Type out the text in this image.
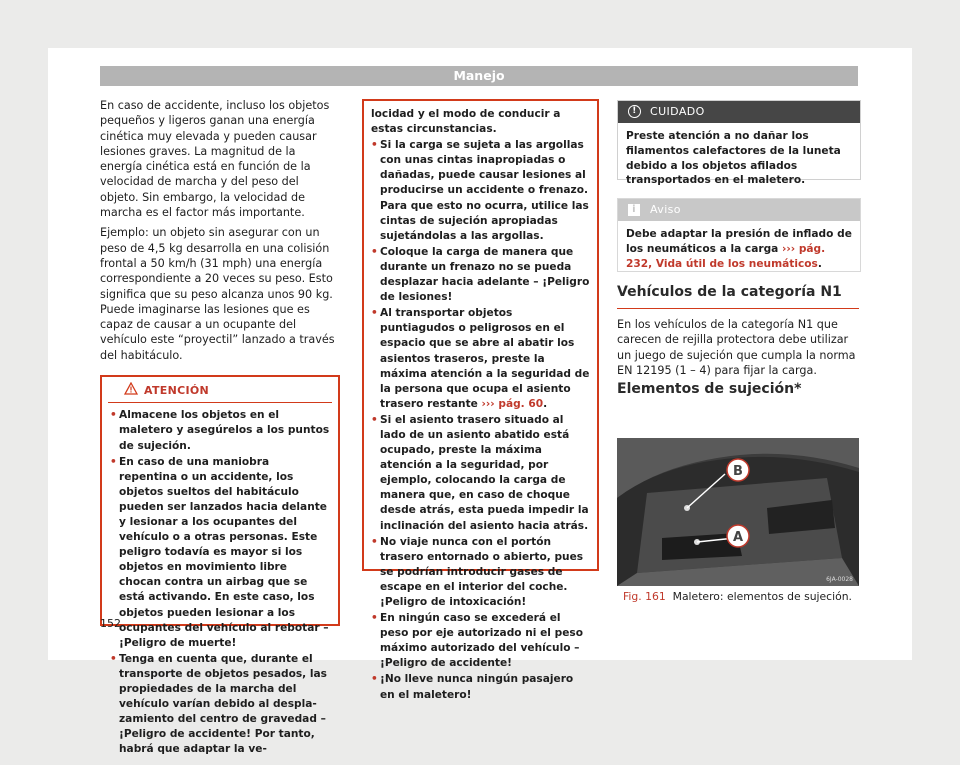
Manejo

En caso de accidente, incluso los objetos pequeños y ligeros ganan una energía cinética muy elevada y pueden causar lesiones graves. La magnitud de la energía cinética está en función de la velocidad de marcha y del peso del objeto. Sin embargo, la velocidad de marcha es el factor más importante.

Ejemplo: un objeto sin asegurar con un peso de 4,5 kg desarrolla en una colisión frontal a 50 km/h (31 mph) una energía correspondiente a 20 veces su peso. Esto significa que su peso alcanza unos 90 kg. Puede imaginarse las lesiones que es capaz de causar a un ocupante del vehículo este “proyectil” lanzado a través del habitáculo.

ATENCIÓN
• Almacene los objetos en el maletero y asegúrelos a los puntos de sujeción.
• En caso de una maniobra repentina o un accidente, los objetos sueltos del habitáculo pueden ser lanzados hacia delante y lesionar a los ocupantes del vehículo o a otras personas. Este peligro todavía es mayor si los objetos en movimiento libre chocan contra un airbag que se está activando. En este caso, los objetos pueden lesionar a los ocupantes del vehículo al rebotar – ¡Peligro de muerte!
• Tenga en cuenta que, durante el transporte de objetos pesados, las propiedades de la marcha del vehículo varían debido al desplazamiento del centro de gravedad – ¡Peligro de accidente! Por tanto, habrá que adaptar la ve-
locidad y el modo de conducir a estas circunstancias.
• Si la carga se sujeta a las argollas con unas cintas inapropiadas o dañadas, puede causar lesiones al producirse un accidente o frenazo. Para que esto no ocurra, utilice las cintas de sujeción apropiadas sujetándolas a las argollas.
• Coloque la carga de manera que durante un frenazo no se pueda desplazar hacia adelante – ¡Peligro de lesiones!
• Al transportar objetos puntiagudos o peligrosos en el espacio que se abre al abatir los asientos traseros, preste la máxima atención a la seguridad de la persona que ocupa el asiento trasero restante ››› pág. 60.
• Si el asiento trasero situado al lado de un asiento abatido está ocupado, preste la máxima atención a la seguridad, por ejemplo, colocando la carga de manera que, en caso de choque desde atrás, esta pueda impedir la inclinación del asiento hacia atrás.
• No viaje nunca con el portón trasero entornado o abierto, pues se podrían introducir gases de escape en el interior del coche. ¡Peligro de intoxicación!
• En ningún caso se excederá el peso por eje autorizado ni el peso máximo autorizado del vehículo – ¡Peligro de accidente!
• ¡No lleve nunca ningún pasajero en el maletero!
!	CUIDADO
Preste atención a no dañar los filamentos calefactores de la luneta debido a los objetos afilados transportados en el maletero.
i
Aviso
Debe adaptar la presión de inflado de los neumáticos a la carga ››› pág. 232, Vida útil de los neumáticos.
Vehículos de la categoría N1
En los vehículos de la categoría N1 que carecen de rejilla protectora debe utilizar un juego de sujeción que cumpla la norma EN 12195 (1 – 4) para fijar la carga.
Elementos de sujeción*
A
B
6JA-0028
Fig. 161 Maletero: elementos de sujeción.
152
